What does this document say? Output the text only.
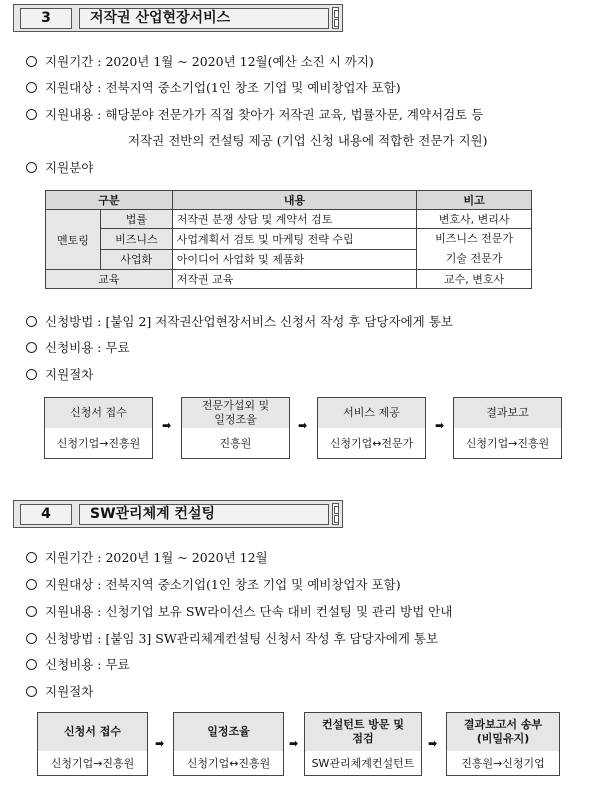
3	저작권 산업현장서비스
지원기간 : 2020년 1월 ~ 2020년 12월(예산 소진 시 까지)
지원대상 : 전북지역 중소기업(1인 창조 기업 및 예비창업자 포함)
지원내용 : 해당분야 전문가가 직접 찾아가 저작권 교육, 법률자문, 계약서검토 등
저작권 전반의 컨설팅 제공 (기업 신청 내용에 적합한 전문가 지원)
지원분야
구분		내용	비고
멘토링	법률	저작권 분쟁 상담 및 계약서 검토	변호사, 변리사
	비즈니스	사업계획서 검토 및 마케팅 전략 수립	비즈니스 전문가
기술 전문가

	사업화	아이디어 사업화 및 제품화	
교육		저작권 교육	교수, 변호사
신청방법 : [붙임 2] 저작권산업현장서비스 신청서 작성 후 담당자에게 통보
신청비용 : 무료
지원절차
신청서 접수
신청기업→진흥원
➡
전문가섭외 및 일정조율
진흥원
➡
서비스 제공
신청기업↔전문가
➡
결과보고
신청기업→진흥원
4	SW관리체계 컨설팅
지원기간 : 2020년 1월 ~ 2020년 12월
지원대상 : 전북지역 중소기업(1인 창조 기업 및 예비창업자 포함)
지원내용 : 신청기업 보유 SW라이선스 단속 대비 컨설팅 및 관리 방법 안내
신청방법 : [붙임 3] SW관리체계컨설팅 신청서 작성 후 담당자에게 통보
신청비용 : 무료
지원절차
신청서 접수
신청기업→진흥원
➡
일정조율
신청기업↔진흥원
➡
컨설턴트 방문 및 점검
SW관리체계컨설턴트
➡
결과보고서 송부(비밀유지)
진흥원→신청기업
